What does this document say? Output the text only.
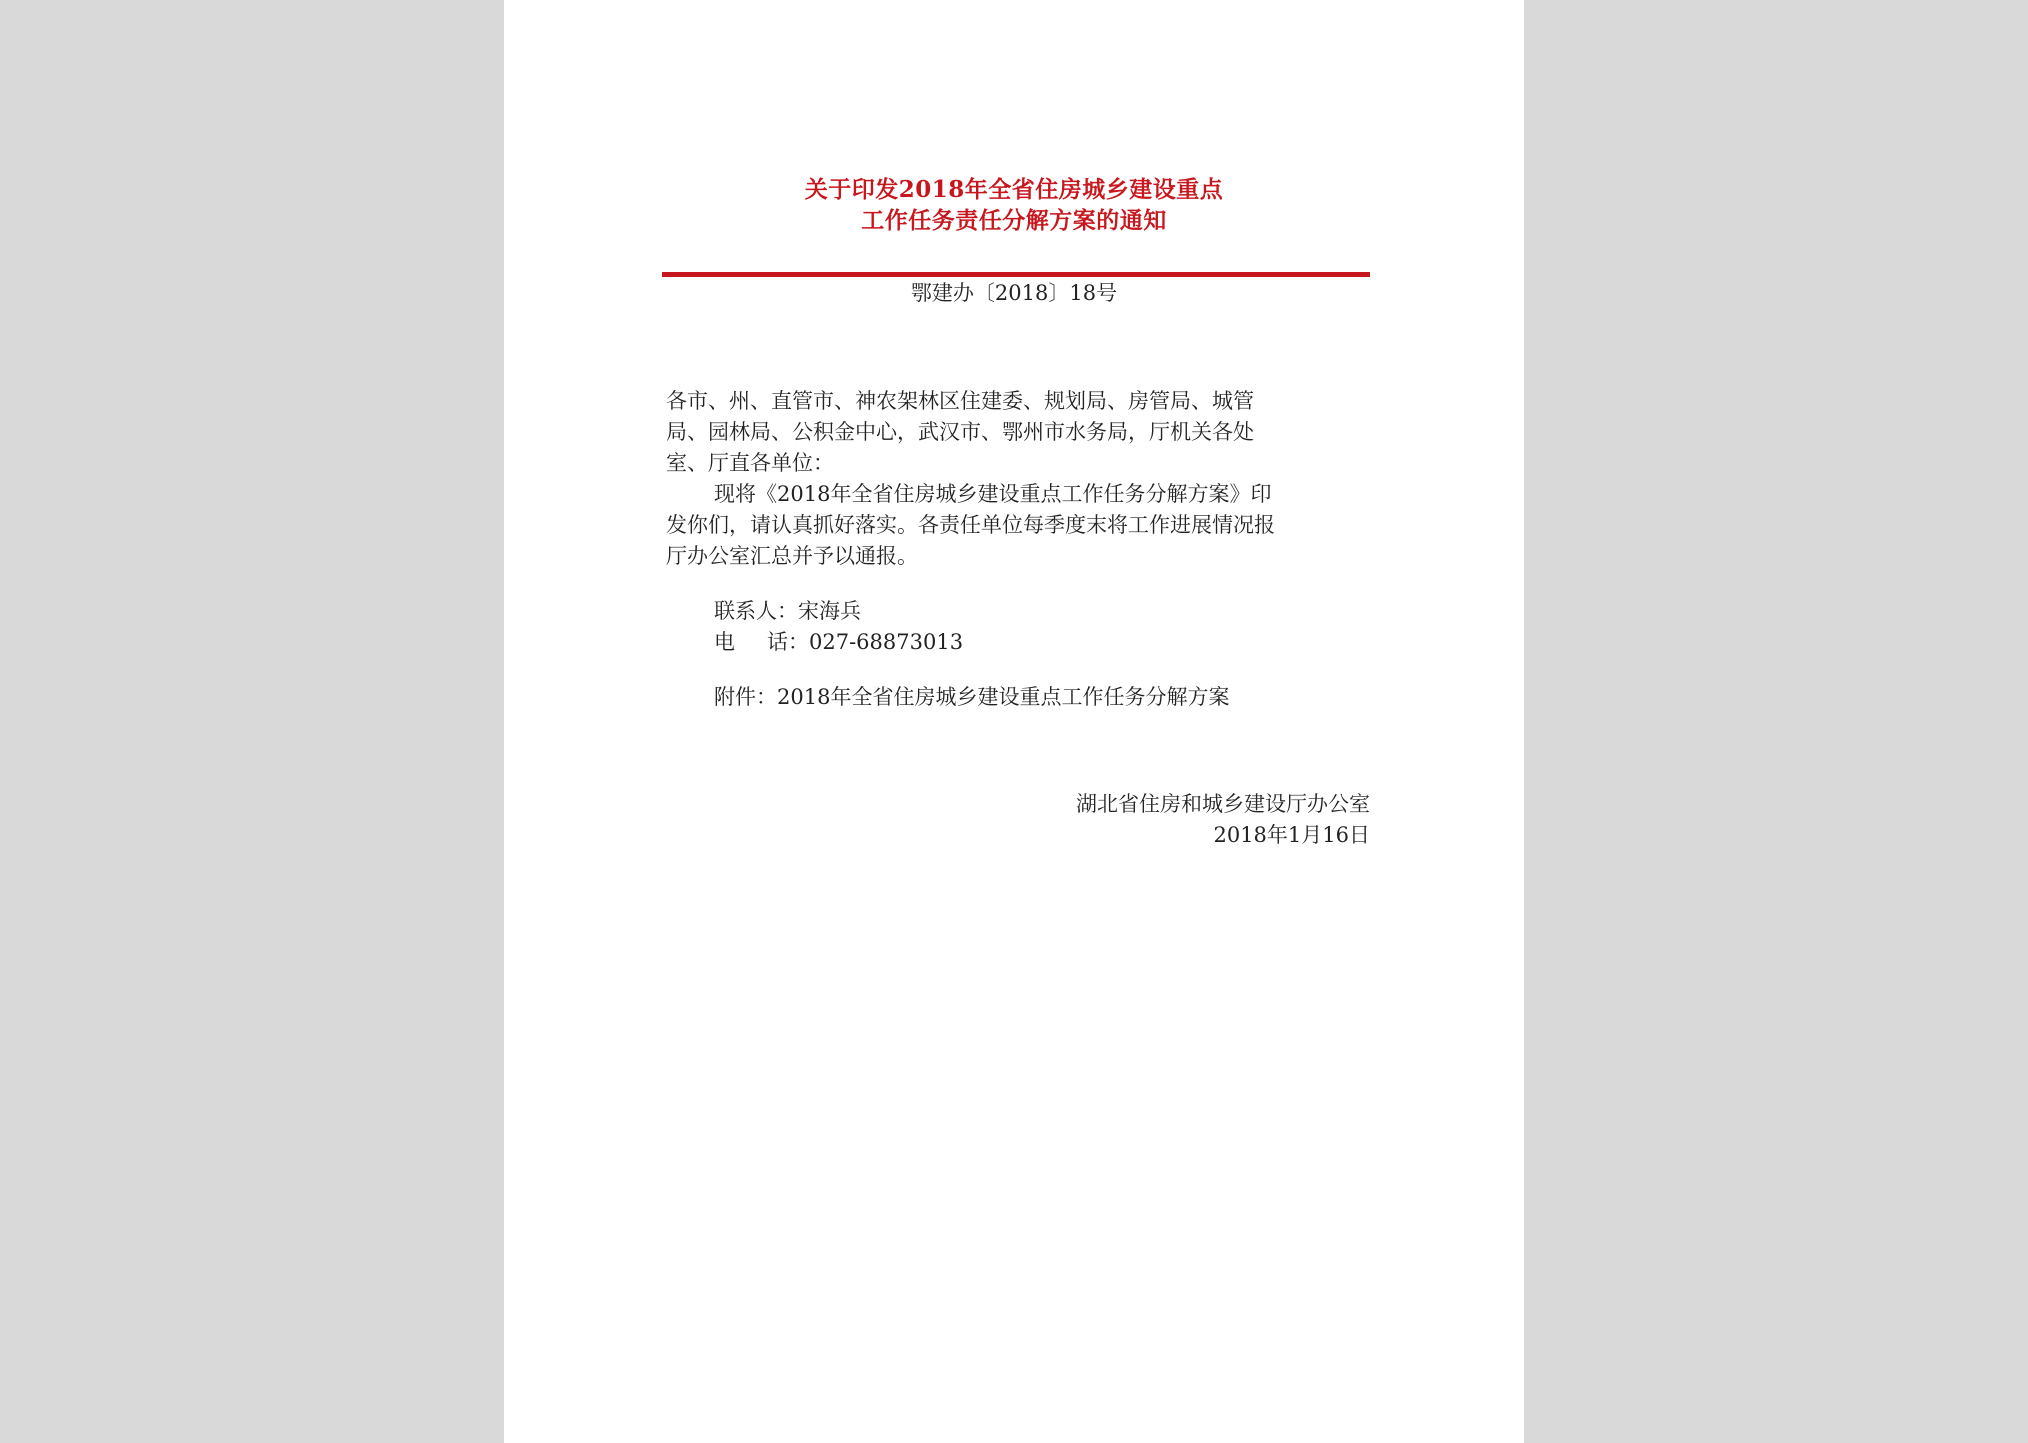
关于印发2018年全省住房城乡建设重点
工作任务责任分解方案的通知
鄂建办〔2018〕18号
各市、州、直管市、神农架林区住建委、规划局、房管局、城管
局、园林局、公积金中心，武汉市、鄂州市水务局，厅机关各处
室、厅直各单位：
现将《2018年全省住房城乡建设重点工作任务分解方案》印
发你们，请认真抓好落实。各责任单位每季度末将工作进展情况报
厅办公室汇总并予以通报。
联系人：宋海兵
电 话：027-68873013
附件：2018年全省住房城乡建设重点工作任务分解方案
湖北省住房和城乡建设厅办公室
2018年1月16日
